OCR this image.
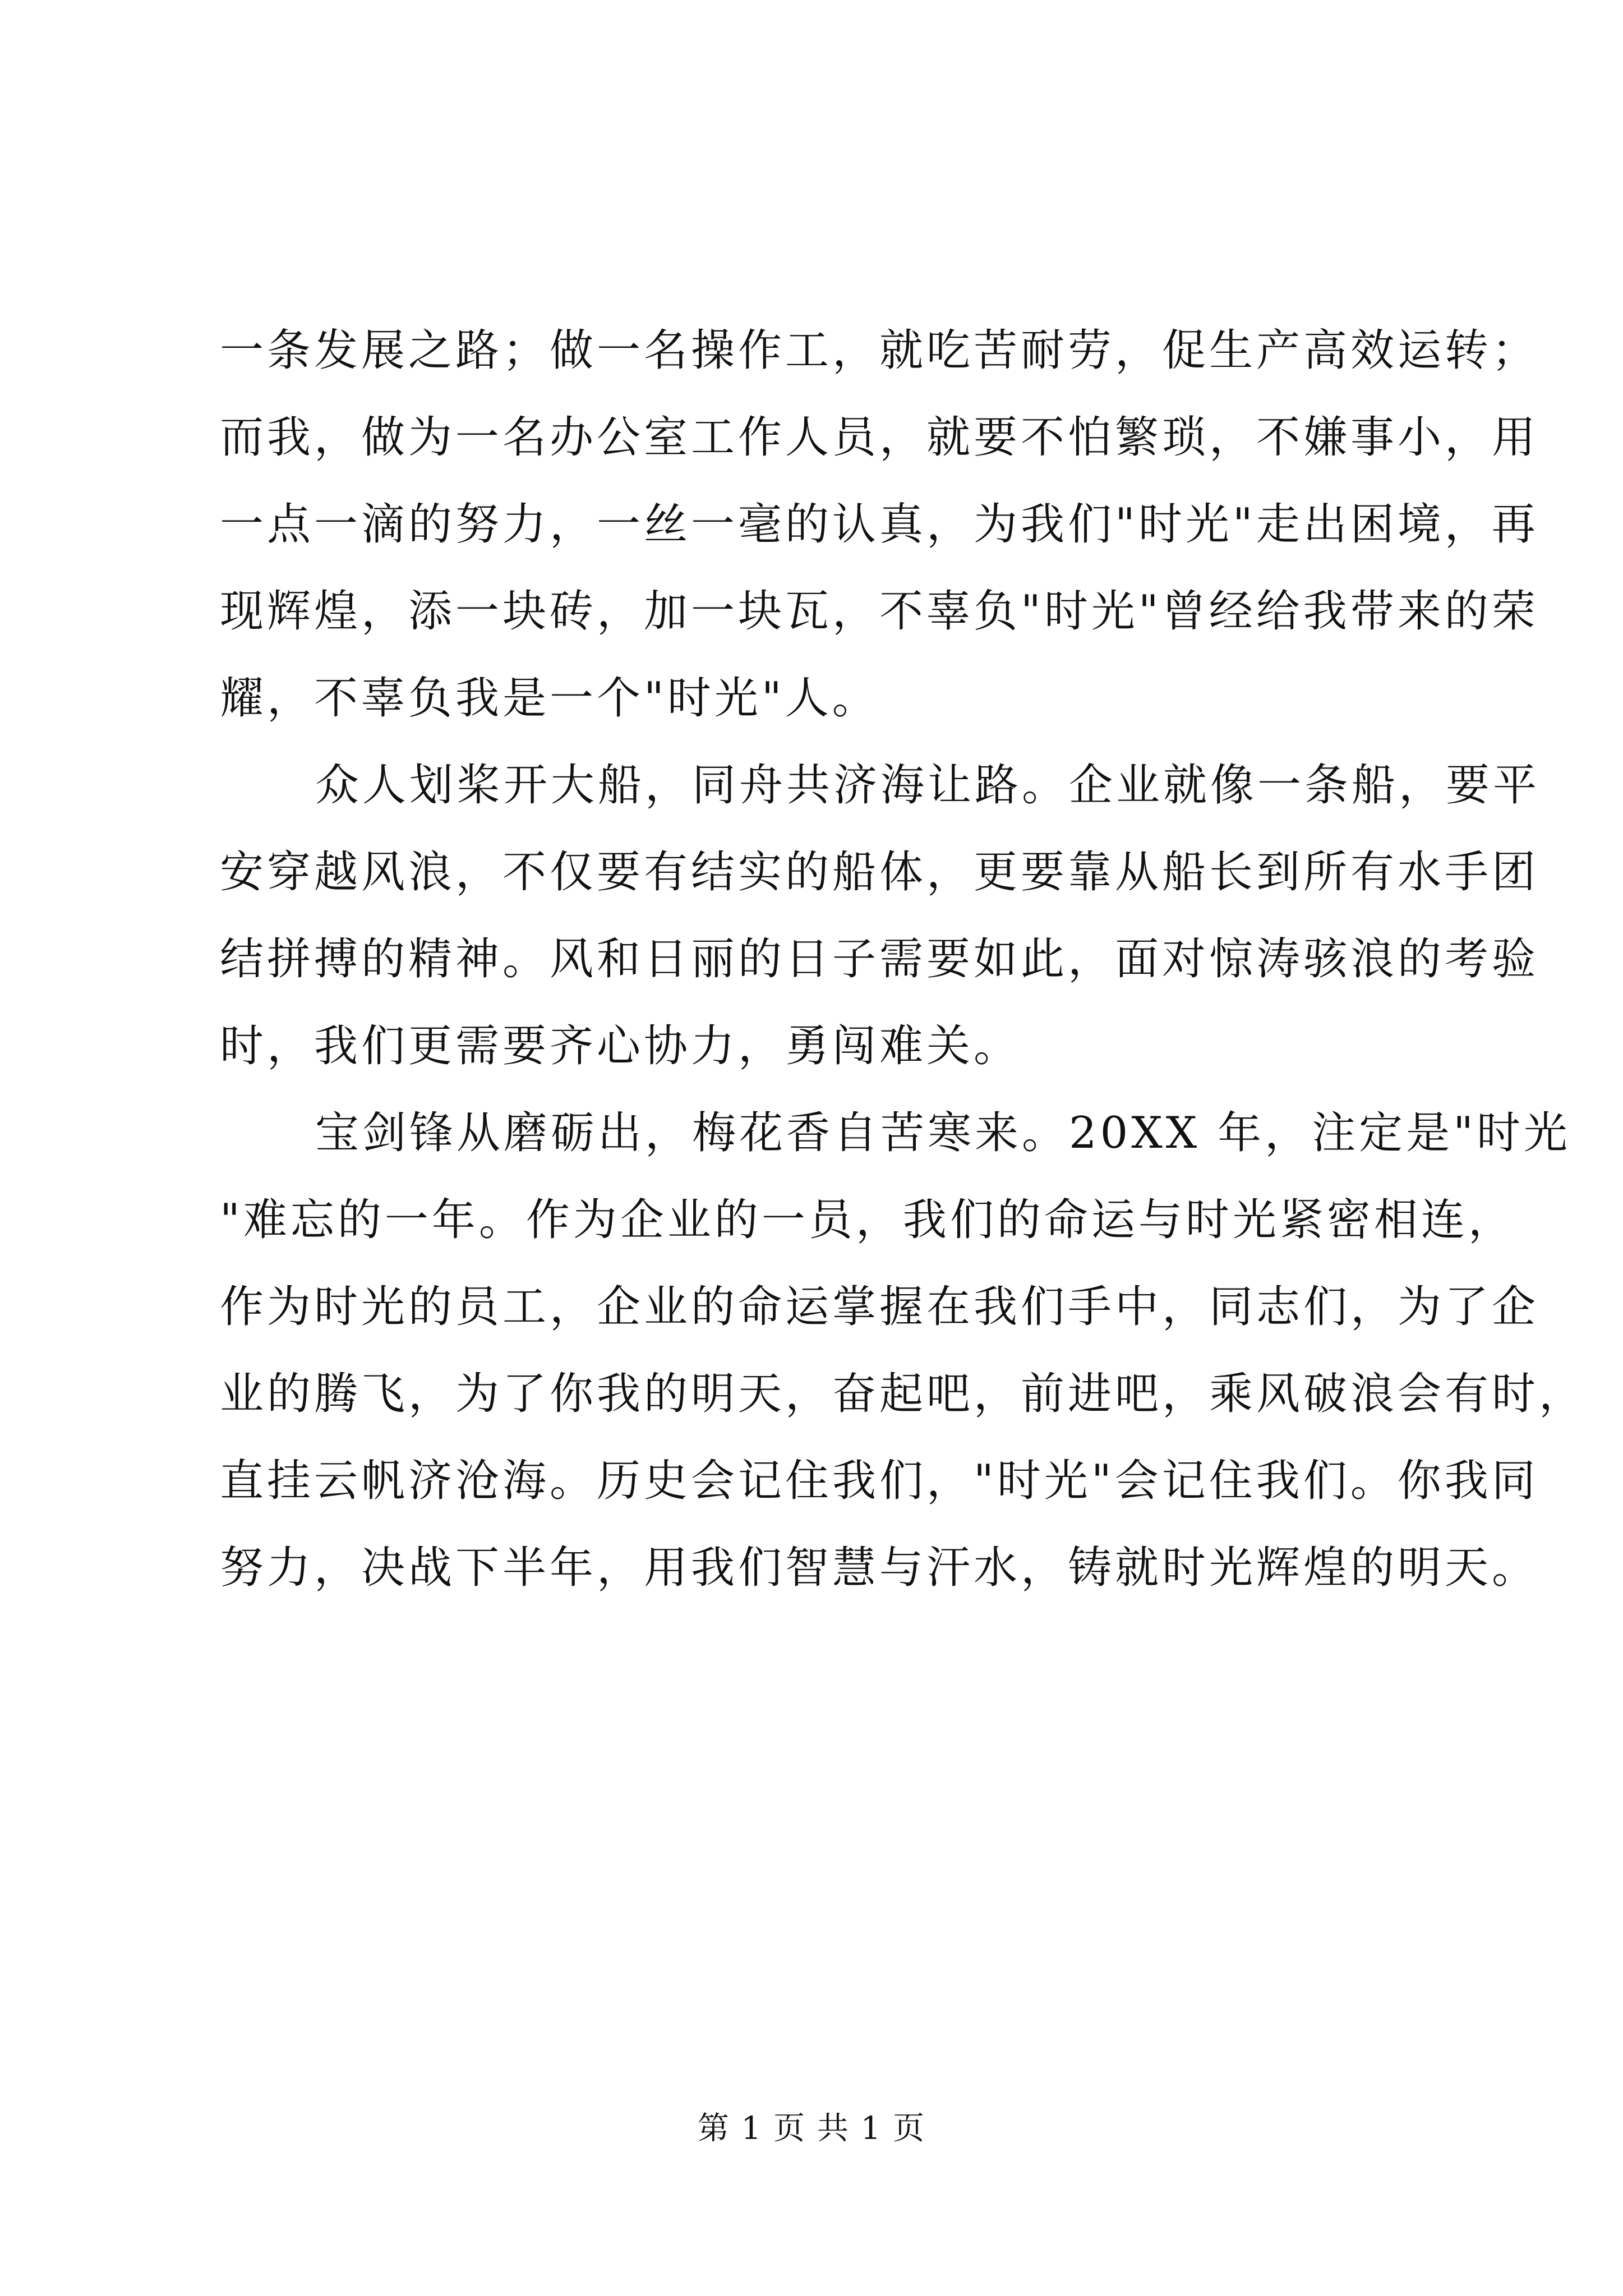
一条发展之路；做一名操作工，就吃苦耐劳，促生产高效运转；
而我，做为一名办公室工作人员，就要不怕繁琐，不嫌事小，用
一点一滴的努力，一丝一毫的认真，为我们"时光"走出困境，再
现辉煌，添一块砖，加一块瓦，不辜负"时光"曾经给我带来的荣
耀，不辜负我是一个"时光"人。
众人划桨开大船，同舟共济海让路。企业就像一条船，要平
安穿越风浪，不仅要有结实的船体，更要靠从船长到所有水手团
结拼搏的精神。风和日丽的日子需要如此，面对惊涛骇浪的考验
时，我们更需要齐心协力，勇闯难关。
宝剑锋从磨砺出，梅花香自苦寒来。20XX 年，注定是"时光
"难忘的一年。作为企业的一员，我们的命运与时光紧密相连，
作为时光的员工，企业的命运掌握在我们手中，同志们，为了企
业的腾飞，为了你我的明天，奋起吧，前进吧，乘风破浪会有时，
直挂云帆济沧海。历史会记住我们，"时光"会记住我们。你我同
努力，决战下半年，用我们智慧与汗水，铸就时光辉煌的明天。
第 1 页 共 1 页
